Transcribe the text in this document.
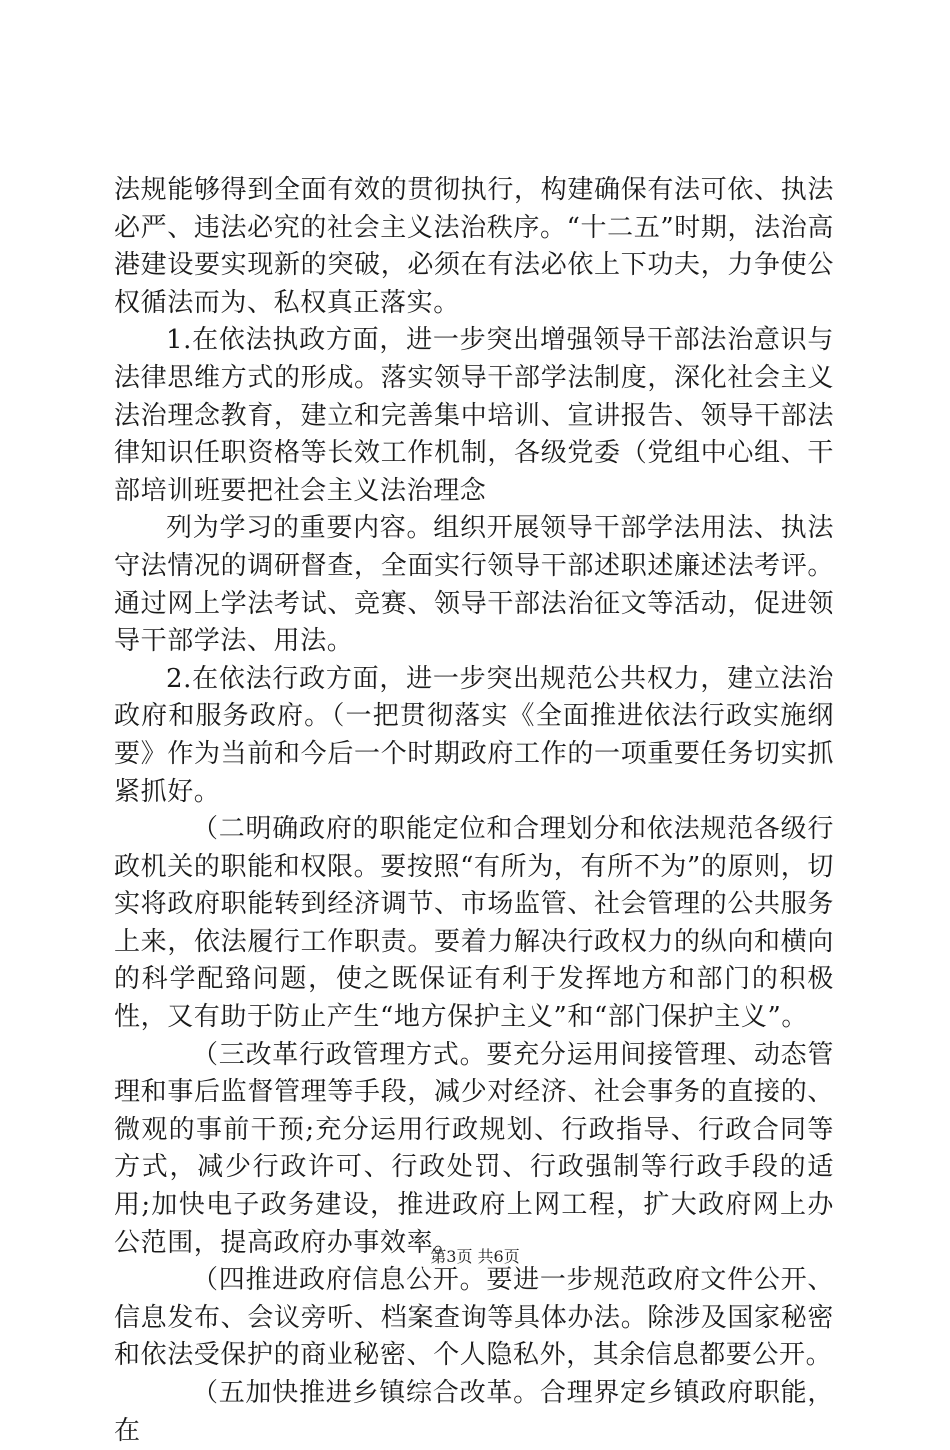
法规能够得到全面有效的贯彻执行，构建确保有法可依、执法必严、违法必究的社会主义法治秩序。“十二五”时期，法治高港建设要实现新的突破，必须在有法必依上下功夫，力争使公权循法而为、私权真正落实。

1.在依法执政方面，进一步突出增强领导干部法治意识与法律思维方式的形成。落实领导干部学法制度，深化社会主义法治理念教育，建立和完善集中培训、宣讲报告、领导干部法律知识任职资格等长效工作机制，各级党委（党组中心组、干部培训班要把社会主义法治理念

列为学习的重要内容。组织开展领导干部学法用法、执法守法情况的调研督查，全面实行领导干部述职述廉述法考评。通过网上学法考试、竞赛、领导干部法治征文等活动，促进领导干部学法、用法。

2.在依法行政方面，进一步突出规范公共权力，建立法治政府和服务政府。（一把贯彻落实《全面推进依法行政实施纲要》作为当前和今后一个时期政府工作的一项重要任务切实抓紧抓好。

（二明确政府的职能定位和合理划分和依法规范各级行政机关的职能和权限。要按照“有所为，有所不为”的原则，切实将政府职能转到经济调节、市场监管、社会管理的公共服务上来，依法履行工作职责。要着力解决行政权力的纵向和横向的科学配臵问题，使之既保证有利于发挥地方和部门的积极性，又有助于防止产生“地方保护主义”和“部门保护主义”。

（三改革行政管理方式。要充分运用间接管理、动态管理和事后监督管理等手段，减少对经济、社会事务的直接的、微观的事前干预;充分运用行政规划、行政指导、行政合同等方式，减少行政许可、行政处罚、行政强制等行政手段的适用;加快电子政务建设，推进政府上网工程，扩大政府网上办公范围，提高政府办事效率。

（四推进政府信息公开。要进一步规范政府文件公开、信息发布、会议旁听、档案查询等具体办法。除涉及国家秘密和依法受保护的商业秘密、个人隐私外，其余信息都要公开。

（五加快推进乡镇综合改革。合理界定乡镇政府职能，在

第3页 共6页
